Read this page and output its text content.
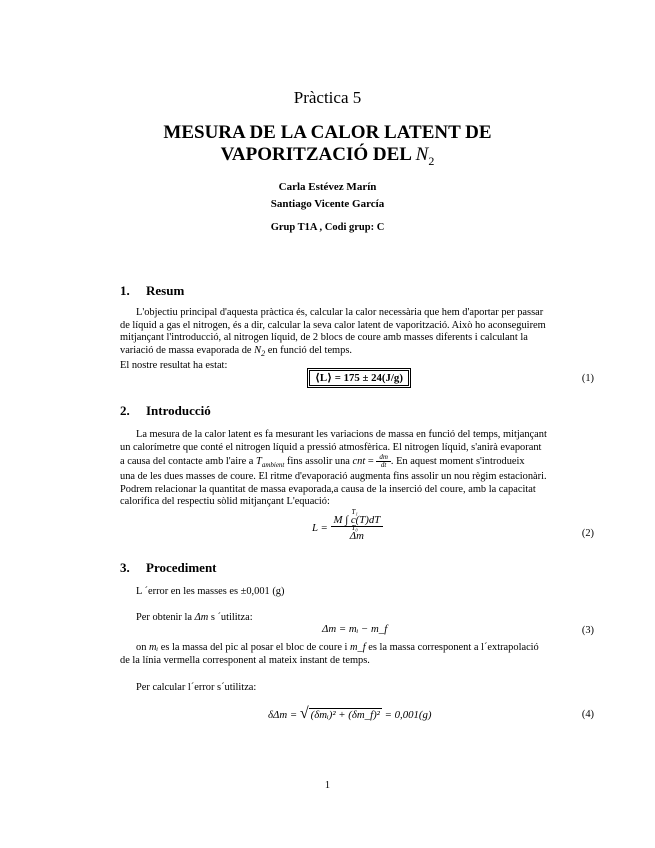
Pràctica 5
MESURA DE LA CALOR LATENT DE
VAPORITZACIÓ DEL $N_2$
Carla Estévez Marín
Santiago Vicente García
Grup T1A , Codi grup: C
1. Resum
L'objectiu principal d'aquesta pràctica és, calcular la calor necessària que hem d'aportar per passar
de líquid a gas el nitrogen, és a dir, calcular la seva calor latent de vaporització. Això ho aconseguirem
mitjançant l'introducció, al nitrogen líquid, de 2 blocs de coure amb masses diferents i calculant la
variació de massa evaporada de $N_2$ en funció del temps.
El nostre resultat ha estat:
⟨L⟩ = 175 ± 24(J/g)	(1)
2. Introducció
La mesura de la calor latent es fa mesurant les variacions de massa en funció del temps, mitjançant
un calorímetre que conté el nitrogen líquid a pressió atmosfèrica. El nitrogen líquid, s'anirà evaporant
a causa del contacte amb l'aire a $T_{ambient}$ fins assolir una cnt = $\frac{dm}{dt}$ . En aquest moment s'introdueix
una de les dues masses de coure. El ritme d'evaporació augmenta fins assolir un nou règim estacionàri.
Podrem relacionar la quantitat de massa evaporada,a causa de la inserció del coure, amb la capacitat
calorífica del respectiu sòlid mitjançant L'equació:
L = M ∫ c(T)dT
T₁
T₀
Δm	(2)
3. Procediment
L ´error en les masses es ±0,001 (g)
Per obtenir la Δm s ´utilitza:
Δm = mᵢ − m_f	(3)
on mᵢ es la massa del pic al posar el bloc de coure i m_f es la massa corresponent a l´extrapolació
de la línia vermella corresponent al mateix instant de temps.
Per calcular l´error s´utilitza:
δΔm = √ (δmᵢ)² + (δm_f)² = 0,001(g)	(4)
1
